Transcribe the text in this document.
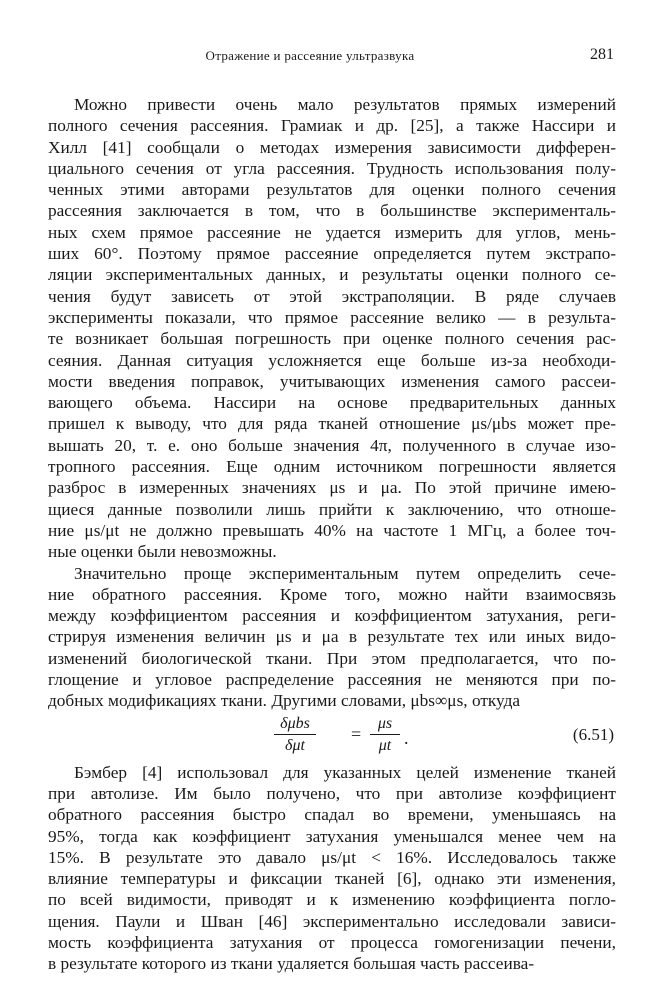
Отражение и рассеяние ультразвука	281
Можно привести очень мало результатов прямых измерений
полного сечения рассеяния. Грамиак и др. [25], а также Нассири и
Хилл [41] сообщали о методах измерения зависимости дифферен-
циального сечения от угла рассеяния. Трудность использования полу-
ченных этими авторами результатов для оценки полного сечения
рассеяния заключается в том, что в большинстве эксперименталь-
ных схем прямое рассеяние не удается измерить для углов, мень-
ших 60°. Поэтому прямое рассеяние определяется путем экстрапо-
ляции экспериментальных данных, и результаты оценки полного се-
чения будут зависеть от этой экстраполяции. В ряде случаев
эксперименты показали, что прямое рассеяние велико — в результа-
те возникает большая погрешность при оценке полного сечения рас-
сеяния. Данная ситуация усложняется еще больше из-за необходи-
мости введения поправок, учитывающих изменения самого рассеи-
вающего объема. Нассири на основе предварительных данных
пришел к выводу, что для ряда тканей отношение μs/μbs может пре-
вышать 20, т. е. оно больше значения 4π, полученного в случае изо-
тропного рассеяния. Еще одним источником погрешности является
разброс в измеренных значениях μs и μa. По этой причине имею-
щиеся данные позволили лишь прийти к заключению, что отноше-
ние μs/μt не должно превышать 40% на частоте 1 МГц, а более точ-
ные оценки были невозможны.
Значительно проще экспериментальным путем определить сече-
ние обратного рассеяния. Кроме того, можно найти взаимосвязь
между коэффициентом рассеяния и коэффициентом затухания, реги-
стрируя изменения величин μs и μa в результате тех или иных видо-
изменений биологической ткани. При этом предполагается, что по-
глощение и угловое распределение рассеяния не меняются при по-
добных модификациях ткани. Другими словами, μbs∞μs, откуда
δμbs
δμt
=
μs
μt .	(6.51)
Бэмбер [4] использовал для указанных целей изменение тканей
при автолизе. Им было получено, что при автолизе коэффициент
обратного рассеяния быстро спадал во времени, уменьшаясь на
95%, тогда как коэффициент затухания уменьшался менее чем на
15%. В результате это давало μs/μt < 16%. Исследовалось также
влияние температуры и фиксации тканей [6], однако эти изменения,
по всей видимости, приводят и к изменению коэффициента погло-
щения. Паули и Шван [46] экспериментально исследовали зависи-
мость коэффициента затухания от процесса гомогенизации печени,
в результате которого из ткани удаляется большая часть рассеива-
